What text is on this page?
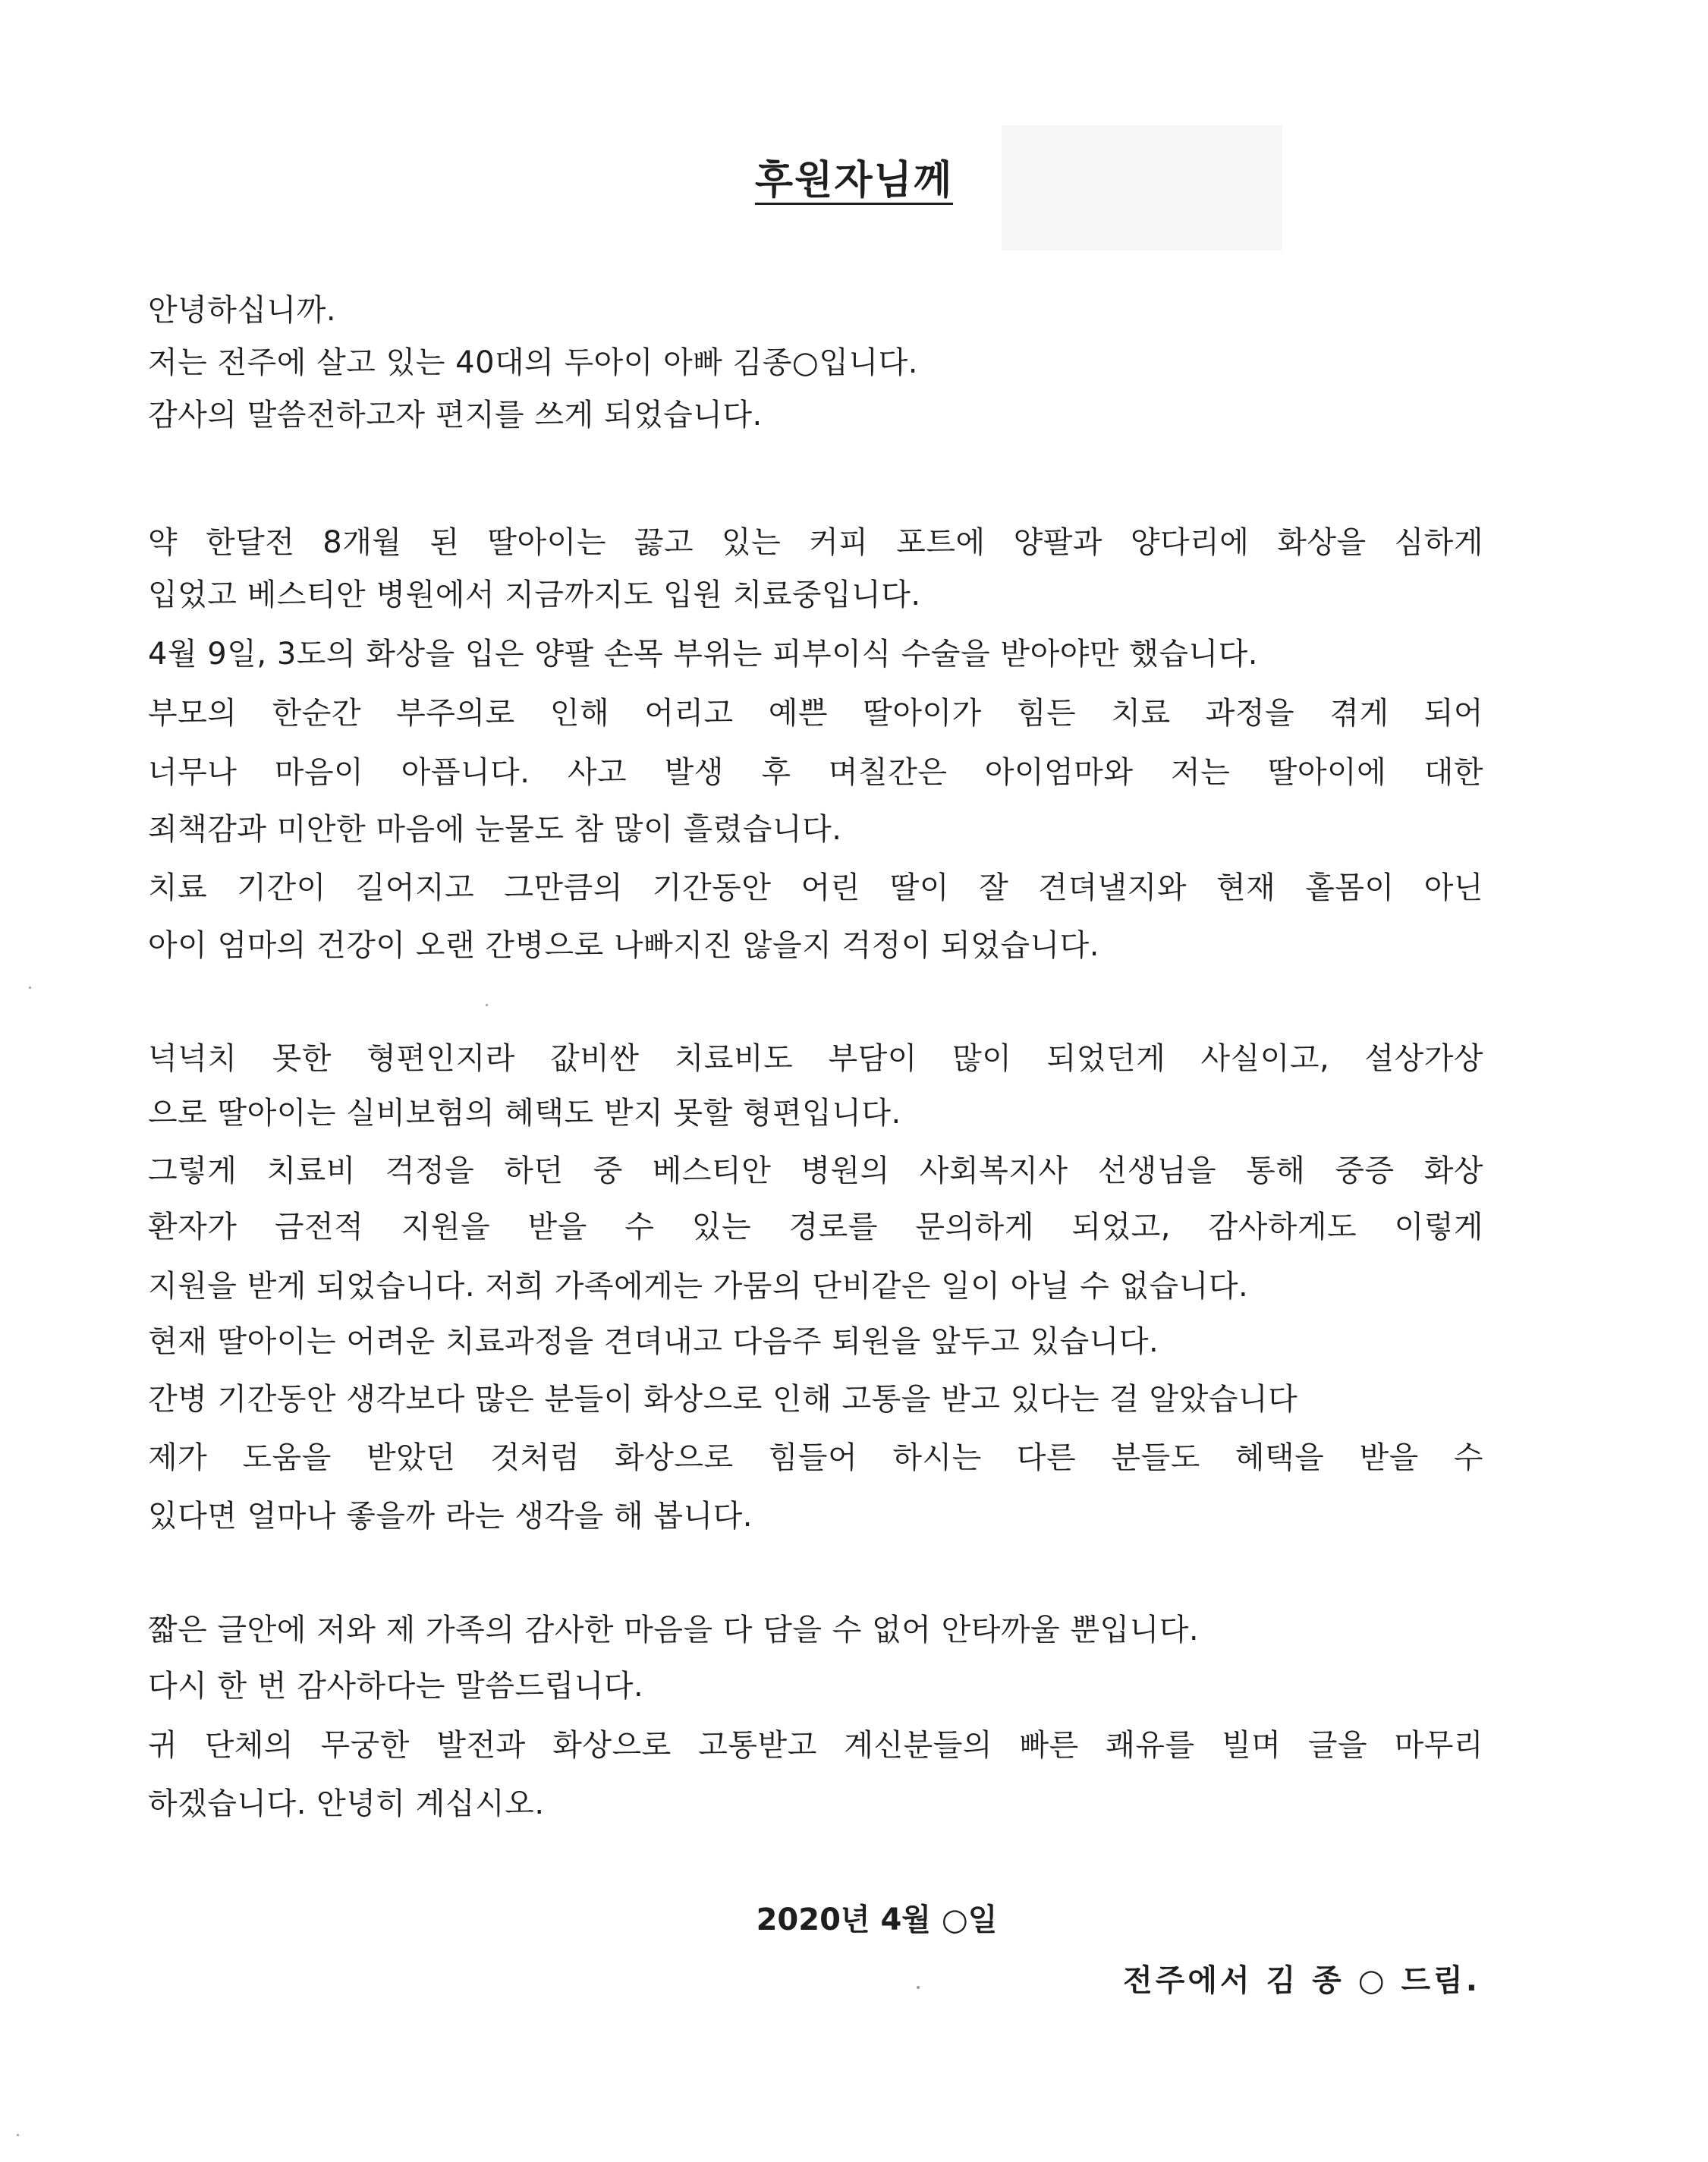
후원자님께
안녕하십니까.
저는 전주에 살고 있는 40대의 두아이 아빠 김종○입니다.
감사의 말씀전하고자 편지를 쓰게 되었습니다.
약 한달전 8개월 된 딸아이는 끓고 있는 커피 포트에 양팔과 양다리에 화상을 심하게
입었고 베스티안 병원에서 지금까지도 입원 치료중입니다.
4월 9일, 3도의 화상을 입은 양팔 손목 부위는 피부이식 수술을 받아야만 했습니다.
부모의 한순간 부주의로 인해 어리고 예쁜 딸아이가 힘든 치료 과정을 겪게 되어
너무나 마음이 아픕니다. 사고 발생 후 며칠간은 아이엄마와 저는 딸아이에 대한
죄책감과 미안한 마음에 눈물도 참 많이 흘렸습니다.
치료 기간이 길어지고 그만큼의 기간동안 어린 딸이 잘 견뎌낼지와 현재 홑몸이 아닌
아이 엄마의 건강이 오랜 간병으로 나빠지진 않을지 걱정이 되었습니다.
넉넉치 못한 형편인지라 값비싼 치료비도 부담이 많이 되었던게 사실이고, 설상가상
으로 딸아이는 실비보험의 혜택도 받지 못할 형편입니다.
그렇게 치료비 걱정을 하던 중 베스티안 병원의 사회복지사 선생님을 통해 중증 화상
환자가 금전적 지원을 받을 수 있는 경로를 문의하게 되었고, 감사하게도 이렇게
지원을 받게 되었습니다. 저희 가족에게는 가뭄의 단비같은 일이 아닐 수 없습니다.
현재 딸아이는 어려운 치료과정을 견뎌내고 다음주 퇴원을 앞두고 있습니다.
간병 기간동안 생각보다 많은 분들이 화상으로 인해 고통을 받고 있다는 걸 알았습니다
제가 도움을 받았던 것처럼 화상으로 힘들어 하시는 다른 분들도 혜택을 받을 수
있다면 얼마나 좋을까 라는 생각을 해 봅니다.
짧은 글안에 저와 제 가족의 감사한 마음을 다 담을 수 없어 안타까울 뿐입니다.
다시 한 번 감사하다는 말씀드립니다.
귀 단체의 무궁한 발전과 화상으로 고통받고 계신분들의 빠른 쾌유를 빌며 글을 마무리
하겠습니다. 안녕히 계십시오.
2020년 4월 ○일
전주에서 김 종 ○ 드림.
